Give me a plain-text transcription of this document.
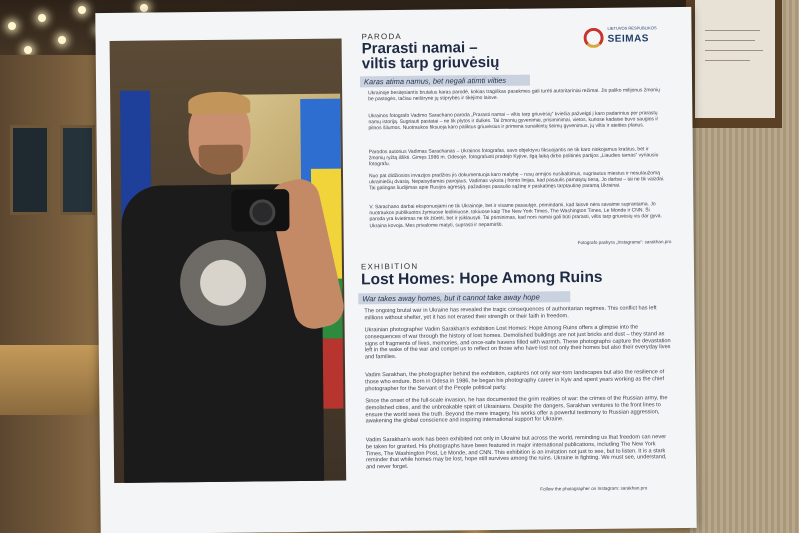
LIETUVOS RESPUBLIKOS
SEIMAS
PARODA
Prarasti namai –
viltis tarp griuvėsių
Karas atima namus, bet negali atimti vilties
Ukrainoje besitęsiantis brutalus karas parodė, kokias tragiškas pasekmes gali turėti autoritariniai režimai. Jis paliko milijonus žmonių be pastogės, tačiau neištrynė jų stiprybės ir tikėjimo laisve.
Ukrainos fotografo Vadimo Sarachano paroda „Prarasti namai – viltis tarp griuvėsių“ kviečia pažvelgti į karo padarinius per prarastų namų istoriją. Sugriauti pastatai – ne tik plytos ir dulkės. Tai žmonių gyvenimai, prisiminimai, vietos, kuriose kadaise buvo saugios ir pilnos šilumos. Nuotraukos fiksuoja karo paliktus griuvėsius ir primena sunaikintų šeimų gyvenimus, jų viltis ir ateities planus.
Parodos autorius Vadimas Sarachanas – Ukrainos fotografas, savo objektyvu fiksuojantis ne tik karo niokojamus kraštus, bet ir žmonių ryžtą išlikti. Gimęs 1986 m. Odesoje, fotografuoti pradėjo Kyjive, ilgą laiką dirbo politinės partijos „Liaudies tarnas“ vyriausiu fotografu.
Nuo pat didžiosios invazijos pradžios jis dokumentuoja karo realybę – rusų armijos nusikaltimus, sugriautus miestus ir nesulaužomą ukrainiečių dvasią. Nepaisydamas pavojaus, Vadimas vyksta į fronto linijas, kad pasaulis pamatytų tiesą. Jo darbai – tai ne tik vaizdai. Tai galingas liudijimas apie Rusijos agresiją, pažadinęs pasaulio sąžinę ir paskatinęs tarptautinę paramą Ukrainai.
V. Sarachano darbai eksponuojami ne tik Ukrainoje, bet ir visame pasaulyje, primindami, kad laisvė nėra savaime suprantama. Jo nuotraukos publikuotos žymiuose leidiniuose, tokiuose kaip The New York Times, The Washington Times, Le Monde ir CNN. Ši paroda yra kvietimas ne tik žiūrėti, bet ir įsiklausyti. Tai priminimas, kad nors namai gali būti prarasti, viltis tarp griuvėsių vis dar gyva. Ukraina kovoja. Mes privalome matyti, suprasti ir nepamiršti.
Fotografo paskyra „Instagrame“: sarakhan.pro
EXHIBITION
Lost Homes: Hope Among Ruins
War takes away homes, but it cannot take away hope
The ongoing brutal war in Ukraine has revealed the tragic consequences of authoritarian regimes. This conflict has left millions without shelter, yet it has not erased their strength or their faith in freedom.
Ukrainian photographer Vadim Sarakhan's exhibition Lost Homes: Hope Among Ruins offers a glimpse into the consequences of war through the history of lost homes. Demolished buildings are not just bricks and dust – they stand as signs of fragments of lives, memories, and once-safe havens filled with warmth. These photographs capture the devastation left in the wake of the war and compel us to reflect on those who have lost not only their homes but also their everyday lives and families.
Vadim Sarakhan, the photographer behind the exhibition, captures not only war-torn landscapes but also the resilience of those who endure. Born in Odesa in 1986, he began his photography career in Kyiv and spent years working as the chief photographer for the Servant of the People political party.
Since the onset of the full-scale invasion, he has documented the grim realities of war: the crimes of the Russian army, the demolished cities, and the unbreakable spirit of Ukrainians. Despite the dangers, Sarakhan ventures to the front lines to ensure the world sees the truth. Beyond the mere imagery, his works offer a powerful testimony to Russian aggression, awakening the global conscience and inspiring international support for Ukraine.
Vadim Sarakhan's work has been exhibited not only in Ukraine but across the world, reminding us that freedom can never be taken for granted. His photographs have been featured in major international publications, including The New York Times, The Washington Post, Le Monde, and CNN. This exhibition is an invitation not just to see, but to listen. It is a stark reminder that while homes may be lost, hope still survives among the ruins. Ukraine is fighting. We must see, understand, and never forget.
Follow the photographer on Instagram: sarakhan.pro
